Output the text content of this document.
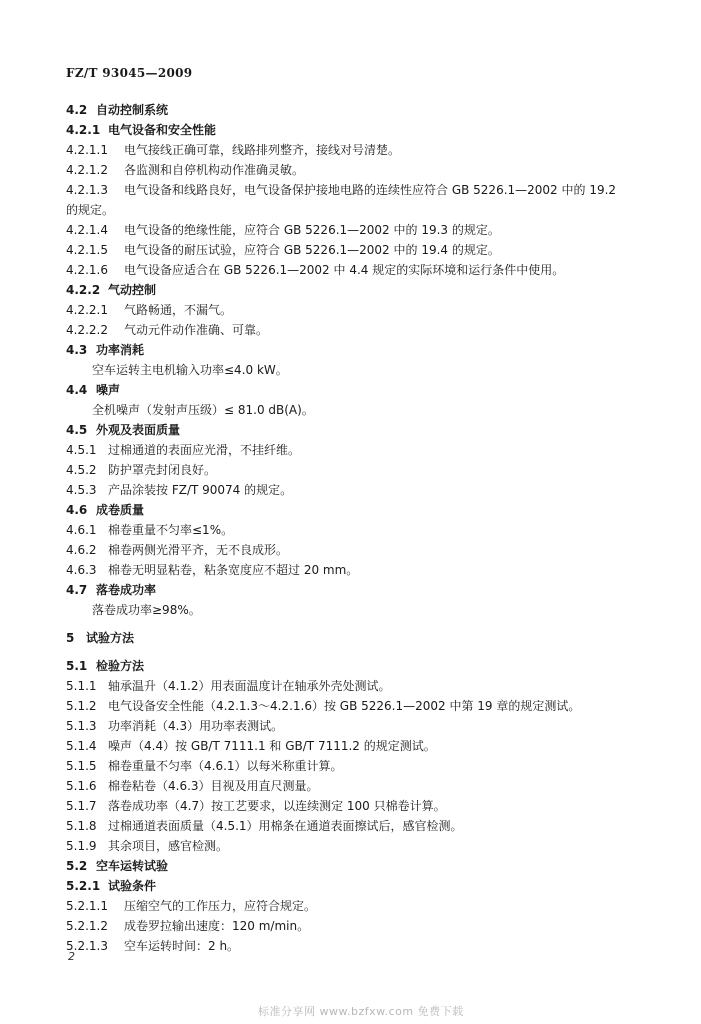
FZ/T 93045—2009
4.2 自动控制系统
4.2.1 电气设备和安全性能
4.2.1.1 电气接线正确可靠，线路排列整齐，接线对号清楚。
4.2.1.2 各监测和自停机构动作准确灵敏。
4.2.1.3 电气设备和线路良好，电气设备保护接地电路的连续性应符合 GB 5226.1—2002 中的 19.2
的规定。
4.2.1.4 电气设备的绝缘性能，应符合 GB 5226.1—2002 中的 19.3 的规定。
4.2.1.5 电气设备的耐压试验，应符合 GB 5226.1—2002 中的 19.4 的规定。
4.2.1.6 电气设备应适合在 GB 5226.1—2002 中 4.4 规定的实际环境和运行条件中使用。
4.2.2 气动控制
4.2.2.1 气路畅通，不漏气。
4.2.2.2 气动元件动作准确、可靠。
4.3 功率消耗
空车运转主电机输入功率≤4.0 kW。
4.4 噪声
全机噪声（发射声压级）≤ 81.0 dB(A)。
4.5 外观及表面质量
4.5.1 过棉通道的表面应光滑，不挂纤维。
4.5.2 防护罩壳封闭良好。
4.5.3 产品涂装按 FZ/T 90074 的规定。
4.6 成卷质量
4.6.1 棉卷重量不匀率≤1%。
4.6.2 棉卷两侧光滑平齐，无不良成形。
4.6.3 棉卷无明显粘卷，粘条宽度应不超过 20 mm。
4.7 落卷成功率
落卷成功率≥98%。
5 试验方法
5.1 检验方法
5.1.1 轴承温升（4.1.2）用表面温度计在轴承外壳处测试。
5.1.2 电气设备安全性能（4.2.1.3～4.2.1.6）按 GB 5226.1—2002 中第 19 章的规定测试。
5.1.3 功率消耗（4.3）用功率表测试。
5.1.4 噪声（4.4）按 GB/T 7111.1 和 GB/T 7111.2 的规定测试。
5.1.5 棉卷重量不匀率（4.6.1）以每米称重计算。
5.1.6 棉卷粘卷（4.6.3）目视及用直尺测量。
5.1.7 落卷成功率（4.7）按工艺要求，以连续测定 100 只棉卷计算。
5.1.8 过棉通道表面质量（4.5.1）用棉条在通道表面擦试后，感官检测。
5.1.9 其余项目，感官检测。
5.2 空车运转试验
5.2.1 试验条件
5.2.1.1 压缩空气的工作压力，应符合规定。
5.2.1.2 成卷罗拉输出速度：120 m/min。
5.2.1.3 空车运转时间：2 h。
2
标准分享网 www.bzfxw.com 免费下载
